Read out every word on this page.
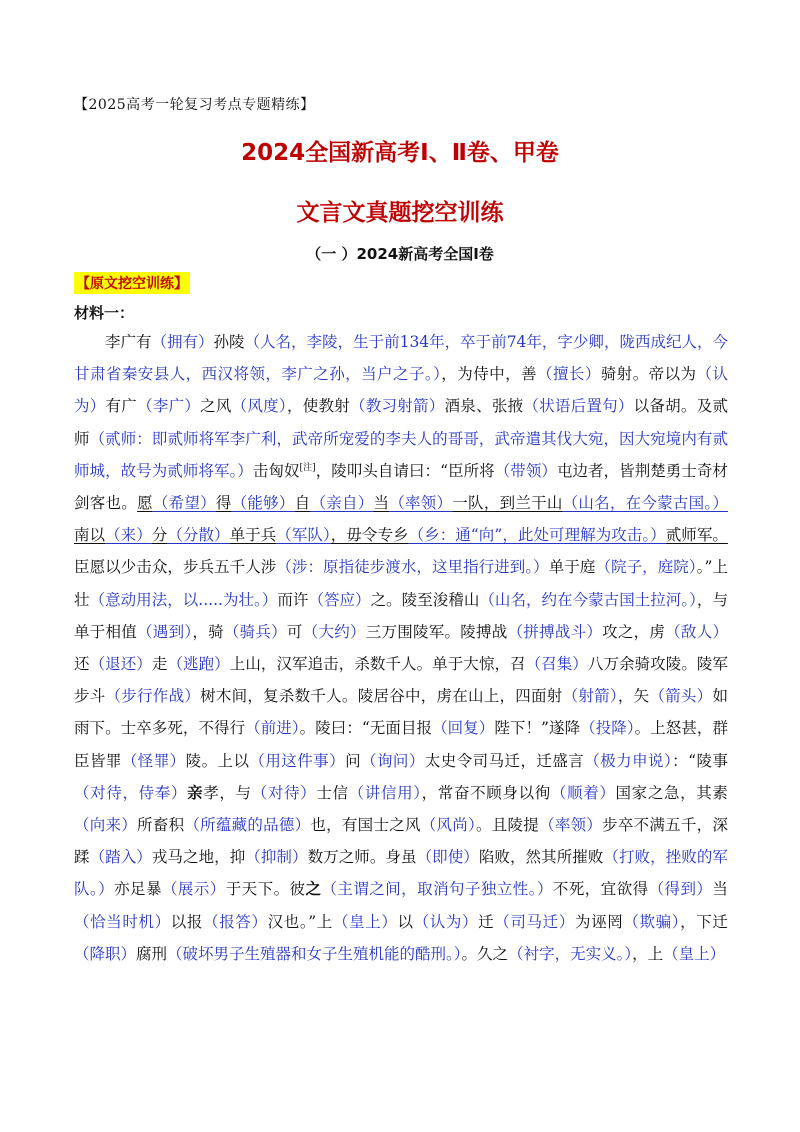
【2025高考一轮复习考点专题精练】
2024全国新高考Ⅰ、Ⅱ卷、甲卷
文言文真题挖空训练
（一 ）2024新高考全国Ⅰ卷
【原文挖空训练】
材料一：
李广有（拥有）孙陵（人名，李陵，生于前134年，卒于前74年，字少卿，陇西成纪人，今甘肃省秦安县人，西汉将领，李广之孙，当户之子。），为侍中，善（擅长）骑射。帝以为（认为）有广（李广）之风（风度），使教射（教习射箭）酒泉、张掖（状语后置句）以备胡。及贰师（贰师：即贰师将军李广利，武帝所宠爱的李夫人的哥哥，武帝遣其伐大宛，因大宛境内有贰师城，故号为贰师将军。）击匈奴[注]，陵叩头自请曰：“臣所将（带领）屯边者，皆荆楚勇士奇材剑客也。愿（希望）得（能够）自（亲自）当（率领）一队，到兰干山（山名，在今蒙古国。）南以（来）分（分散）单于兵（军队），毋令专乡（乡：通“向”，此处可理解为攻击。）贰师军。臣愿以少击众，步兵五千人涉（涉：原指徒步渡水，这里指行进到。）单于庭（院子，庭院）。”上壮（意动用法，以.....为壮。）而许（答应）之。陵至浚稽山（山名，约在今蒙古国土拉河。），与单于相值（遇到），骑（骑兵）可（大约）三万围陵军。陵搏战（拼搏战斗）攻之，虏（敌人）还（退还）走（逃跑）上山，汉军追击，杀数千人。单于大惊，召（召集）八万余骑攻陵。陵军步斗（步行作战）树木间，复杀数千人。陵居谷中，虏在山上，四面射（射箭），矢（箭头）如雨下。士卒多死，不得行（前进）。陵曰：“无面目报（回复）陛下！”遂降（投降）。上怒甚，群臣皆罪（怪罪）陵。上以（用这件事）问（询问）太史令司马迁，迁盛言（极力申说）：“陵事（对待，侍奉）亲孝，与（对待）士信（讲信用），常奋不顾身以徇（顺着）国家之急，其素（向来）所畜积（所蕴藏的品德）也，有国士之风（风尚）。且陵提（率领）步卒不满五千，深蹂（踏入）戎马之地，抑（抑制）数万之师。身虽（即使）陷败，然其所摧败（打败，挫败的军队。）亦足暴（展示）于天下。彼之（主谓之间，取消句子独立性。）不死，宜欲得（得到）当（恰当时机）以报（报答）汉也。”上（皇上）以（认为）迁（司马迁）为诬罔（欺骗），下迁（降职）腐刑（破坏男子生殖器和女子生殖机能的酷刑。）。久之（衬字，无实义。），上（皇上）
